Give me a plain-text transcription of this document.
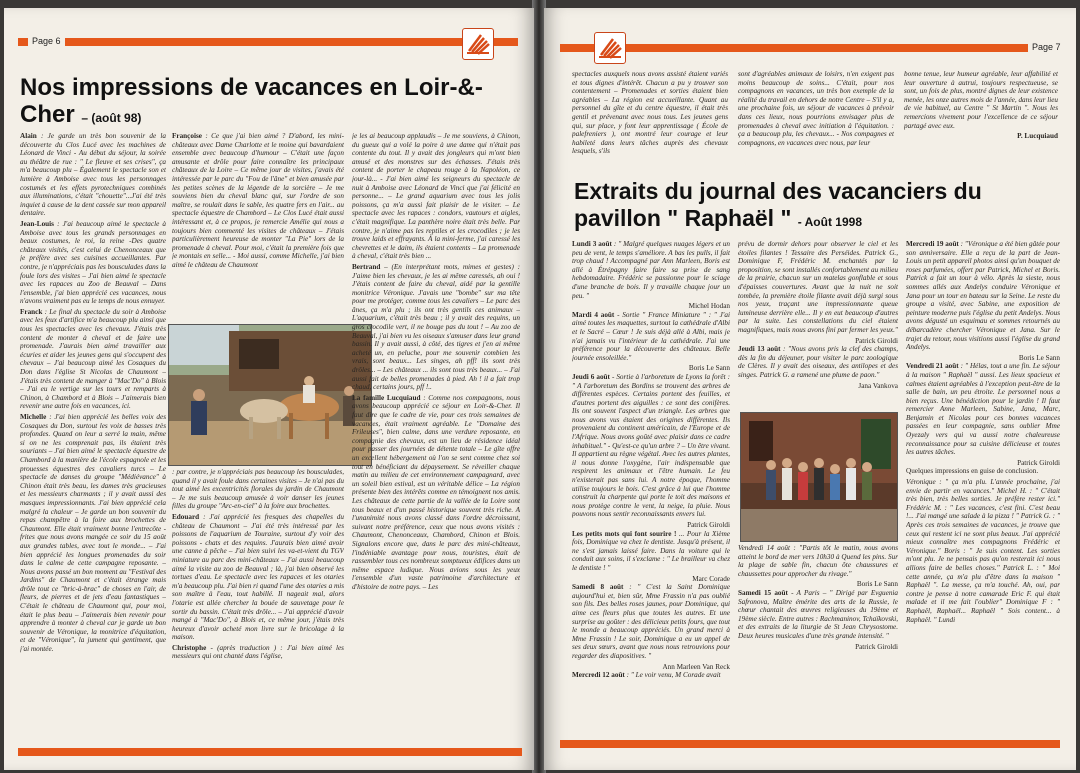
Page 6
Nos impressions de vacances en Loir-&-Cher – (août 98)

Alain : Je garde un très bon souvenir de la découverte du Clos Lucé avec les machines de Léonard de Vinci - Au début du séjour, la soirée au théâtre de rue : " Le fleuve et ses crises", ça m'a beaucoup plu – Également le spectacle son et lumière à Amboise avec tous les personnages costumés et les effets pyrotechniques combinés aux illuminations, c'était "chouette"...J'ai été très inquiet à cause de la dent cassée sur mon appareil dentaire.

Jean-Louis : J'ai beaucoup aimé le spectacle à Amboise avec tous les grands personnages en beaux costumes, le roi, la reine -Des quatre châteaux visités, c'est celui de Chenonceaux que je préfère avec ses cuisines accueillantes. Par contre, je n'appréciais pas les bousculades dans la foule lors des visites – J'ai bien aimé le spectacle avec les rapaces au Zoo de Beauval – Dans l'ensemble, j'ai bien apprécié ces vacances, nous n'avons vraiment pas eu le temps de nous ennuyer.

Franck : Le final du spectacle du soir à Amboise avec les feux d'artifice m'a beaucoup plu ainsi que tous les spectacles avec les chevaux. J'étais très content de monter à cheval et de faire une promenade. J'aurais bien aimé travailler aux écuries et aider les jeunes gens qui s'occupent des chevaux – J'ai beaucoup aimé les Cosaques du Don dans l'église St Nicolas de Chaumont – J'étais très content de manger à "Mac'Do" à Blois – J'ai eu le vertige sur les tours et remparts à Chinon, à Chambord et à Blois – J'aimerais bien revenir une autre fois en vacances, ici.

Michelle : J'ai bien apprécié les belles voix des Cosaques du Don, surtout les voix de basses très profondes. Quand on leur a serré la main, même si on ne les comprenait pas, ils étaient très souriants – J'ai bien aimé le spectacle équestre de Chambord à la manière de l'école espagnole et les prouesses équestres des cavaliers turcs – Le spectacle de danses du groupe "Médiévance" à Chinon était très beau, les dames très gracieuses et les messieurs charmants ; il y avait aussi des masques impressionnants. J'ai bien apprécié cela malgré la chaleur – Je garde un bon souvenir du repas champêtre à la foire aux brochettes de Chaumont. Elle était vraiment bonne l'entrecôte -frites que nous avons mangée ce soir du 15 août aux grandes tables, avec tout le monde... – J'ai bien apprécié les longues promenades du soir dans le calme de cette campagne reposante. – Nous avons passé un bon moment au "Festival des Jardins" de Chaumont et c'était étrange mais drôle tout ce "bric-à-brac" de choses en l'air, de fleurs, de pierres et de jets d'eau fantastiques – C'était le château de Chaumont qui, pour moi, était le plus beau – J'aimerais bien revenir pour apprendre à monter à cheval car je garde un bon souvenir de Véronique, la monitrice d'équitation, et de "Véronique", la jument qui gentiment, que j'ai montée.

Françoise : Ce que j'ai bien aimé ? D'abord, les mini-châteaux avec Dame Charlotte et le moine qui bavardaient ensemble avec beaucoup d'humour – C'était une façon amusante et drôle pour faire connaître les principaux châteaux de la Loire – Ce même jour de visites, j'avais été intéressée par le parc du "Fou de l'âne" et bien amusée par les petites scènes de la légende de la sorcière – Je me souviens bien du cheval blanc qui, sur l'ordre de son maître, se roulait dans le sable, les quatre fers en l'air... au spectacle équestre de Chambord – Le Clos Lucé était aussi intéressant et, à ce propos, je remercie Amélie qui nous a toujours bien commenté les visites de châteaux – J'étais particulièrement heureuse de monter "La Pie" lors de la promenade à cheval. Pour moi, c'était la première fois que je montais en selle... - Moi aussi, comme Michelle, j'ai bien aimé le château de Chaumont

: par contre, je n'appréciais pas beaucoup les bousculades, quand il y avait foule dans certaines visites – Je n'ai pas du tout aimé les excentricités florales du jardin de Chaumont – Je me suis beaucoup amusée à voir danser les jeunes filles du groupe "Arc-en-ciel" à la foire aux brochettes.

Edouard : J'ai apprécié les fresques des chapelles du château de Chaumont – J'ai été très intéressé par les poissons de l'aquarium de Touraine, surtout d'y voir des poissons - chats et des requins. J'aurais bien aimé avoir une canne à pêche – J'ai bien suivi les va-et-vient du TGV miniature au parc des mini-châteaux – J'ai aussi beaucoup aimé la visite au zoo de Beauval ; là, j'ai bien observé les tortues d'eau. Le spectacle avec les rapaces et les otaries m'a beaucoup plu. J'ai bien ri quand l'une des otaries a mis son maître à l'eau, tout habillé. Il nageait mal, alors l'otarie est allée chercher la bouée de sauvetage pour le sortir du bassin. C'était très drôle... – J'ai apprécié d'avoir mangé à "Mac'Do", à Blois et, ce même jour, j'étais très heureux d'avoir acheté mon livre sur le bricolage à la maison.

Christophe - (après traduction ) : J'ai bien aimé les messieurs qui ont chanté dans l'église,

je les ai beaucoup applaudis – Je me souviens, à Chinon, du gueux qui a volé la poire à une dame qui n'était pas contente du tout. Il y avait des jongleurs qui m'ont bien amusé et des monstres sur des échasses. J'étais très content de porter le chapeau rouge à la Napoléon, ce jour-là... - J'ai bien aimé les seigneurs du spectacle de nuit à Amboise avec Léonard de Vinci que j'ai félicité en personne... – Le grand aquarium avec tous les jolis poissons, ça m'a aussi fait plaisir de le visiter. – Le spectacle avec les rapaces : condors, vautours et aigles, c'était magnifique. La panthère noire était très belle. Par contre, je n'aime pas les reptiles et les crocodiles ; je les trouve laids et effrayants. À la mini-ferme, j'ai caressé les chevrettes et le daim, ils étaient contents – La promenade à cheval, c'était très bien ...

Bertrand – (En interprétant mots, mimes et gestes) : J'aime bien les chevaux, je les ai même caressés, ah oui ! J'étais content de faire du cheval, aidé par la gentille monitrice Véronique. J'avais une "bombe" sur ma tête pour me protéger, comme tous les cavaliers – Le parc des ânes, ça m'a plu ; ils ont très gentils ces animaux – L'aquarium, c'était très beau ; il y avait des requins, un gros crocodile vert, il ne bouge pas du tout ! – Au zoo de Beauval, j'ai bien vu les oiseaux s'amuser dans leur grand bassin. Il y avait aussi, à côté, des tigres et j'en ai même acheté un, en peluche, pour me souvenir combien les vrais, sont beaux... Les singes, ah pff! ils sont très drôles... – Les châteaux ... ils sont tous très beaux... – J'ai aussi fait de belles promenades à pied. Ah ! il a fait trop chaud, certains jours, pff !..

La famille Lucquiaud : Comme nos compagnons, nous avons beaucoup apprécié ce séjour en Loir-&-Cher. Il faut dire que le cadre de vie, pour ces trois semaines de vacances, était vraiment agréable. Le "Domaine des Frileuses", bien calme, dans une verdure reposante, en compagnie des chevaux, est un lieu de résidence idéal pour passer des journées de détente totale – Le gîte offre un excellent hébergement où l'on se sent comme chez soi tout en bénéficiant du dépaysement. Se réveiller chaque matin au milieu de cet environnement campagnard, avec un soleil bien estival, est un véritable délice – La région présente bien des intérêts comme en témoignent nos amis. Les châteaux de cette partie de la vallée de la Loire sont tous beaux et d'un passé historique souvent très riche. A l'unanimité nous avons classé dans l'ordre décroissant, suivant notre préférence, ceux que nous avons visités : Chaumont, Chenonceaux, Chambord, Chinon et Blois. Signalons encore que, dans le parc des mini-châteaux, l'indéniable avantage pour nous, touristes, était de rassembler tous ces nombreux somptueux édifices dans un même espace ludique. Nous avions sous les yeux l'ensemble d'un vaste patrimoine d'architecture et d'histoire de notre pays. – Les

Page 7

spectacles auxquels nous avons assisté étaient variés et tous dignes d'intérêt. Chacun a pu y trouver son contentement – Promenades et sorties étaient bien agréables – La région est accueillante. Quant au personnel du gîte et du centre équestre, il était très gentil et prévenant avec nous tous. Les jeunes gens qui, sur place, y font leur apprentissage ( École de palefreniers ), ont montré leur courage et leur habileté dans leurs tâches auprès des chevaux lesquels, s'ils

sont d'agréables animaux de loisirs, n'en exigent pas moins beaucoup de soins... C'était, pour nos compagnons en vacances, un très bon exemple de la réalité du travail en dehors de notre Centre – S'il y a, une prochaine fois, un séjour de vacances à prévoir dans ces lieux, nous pourrions envisager plus de promenades à cheval avec initiation à l'équitation. : ça a beaucoup plu, les chevaux... - Nos compagnes et compagnons, en vacances avec nous, par leur

bonne tenue, leur humeur agréable, leur affabilité et leur ouverture à autrui, toujours respectueuse, se sont, un fois de plus, montré dignes de leur existence menée, les onze autres mois de l'année, dans leur lieu de vie habituel, au Centre " St Martin ". Nous les remercions vivement pour l'excellence de ce séjour partagé avec eux.

P. Lucquiaud
Extraits du journal des vacanciers du pavillon " Raphaël " - Août 1998

Lundi 3 août : " Malgré quelques nuages légers et un peu de vent, le temps s'améliore. A bas les pulls, il fait trop chaud ! Accompagné par Ann Marleen, Boris est allé à Étrépagny faire faire sa prise de sang hebdomadaire. Frédéric se passionne pour le sciage d'une branche de bois. Il y travaille chaque jour un peu. "

Michel Hodan

Mardi 4 août - Sortie " France Miniature " : " J'ai aimé toutes les maquettes, surtout la cathédrale d'Albi et le Sacré – Cœur ! Je suis déjà allé à Albi, mais je n'ai jamais vu l'intérieur de la cathédrale. J'ai une préférence pour la découverte des châteaux. Belle journée ensoleillée."

Boris Le Sann

Jeudi 6 août - Sortie à l'arboretum de Lyons la forêt : " A l'arboretum des Bordins se trouvent des arbres de différentes espèces. Certains portent des feuilles, et d'autres portent des aiguilles : ce sont des conifères. Ils ont souvent l'aspect d'un triangle. Les arbres que nous avons vus étaient des origines différentes. Ils provenaient du continent américain, de l'Europe et de l'Afrique. Nous avons goûté avec plaisir dans ce cadre inhabituel." - Qu'est-ce qu'un arbre ? – Un être vivant. Il appartient au règne végétal. Avec les autres plantes, il nous donne l'oxygène, l'air indispensable que respirent les animaux et l'être humain. Le feu n'existerait pas sans lui. A notre époque, l'homme utilise toujours le bois. C'est grâce à lui que l'homme construit la charpente qui porte le toit des maisons et nous protège contre le vent, la neige, la pluie. Nous pouvons nous sentir reconnaissants envers lui.

Patrick Giroldi

Les petits mots qui font sourire ! ... Pour la Xième fois, Dominique va chez le dentiste. Jusqu'à présent, il ne s'est jamais laissé faire. Dans la voiture qui le conduit aux soins, il s'exclame : " Le brailleur va chez le dentiste ! "

Marc Corade

Samedi 8 août : " C'est la Saint Dominique aujourd'hui et, bien sûr, Mme Frassin n'a pas oublié son fils. Des belles roses jaunes, pour Dominique, qui aime ces fleurs plus que toutes les autres. Et une surprise au goûter : des délicieux petits fours, que tout le monde a beaucoup appréciés. Un grand merci à Mme Frassin ! Le soir, Dominique a eu un appel de ses deux sœurs, avant que nous nous retrouvions pour regarder des diapositives. "

Ann Marleen Van Reck

Mercredi 12 août : " Le voir venu, M Corade avait

prévu de dormir dehors pour observer le ciel et les étoiles filantes ! Tessaire des Perséides. Patrick G., Dominique F, Frédéric M. enchantés par la proposition, se sont installés confortablement au milieu de la prairie, chacun sur un matelas gonflable et sous d'épaisses couvertures. Avant que la nuit ne soit tombée, la première étoile filante avait déjà surgi sous nos yeux, traçant une impressionnante queue lumineuse derrière elle... Il y en eut beaucoup d'autres par la suite. Les constellations du ciel étaient magnifiques, mais nous avons fini par fermer les yeux."

Patrick Giroldi

Jeudi 13 août : "Nous avons pris la clef des champs, dès la fin du déjeuner, pour visiter le parc zoologique de Clères. Il y avait des oiseaux, des antilopes et des singes. Patrick G. a ramené une plume de paon."

Jana Vankova

Vendredi 14 août : "Partis tôt le matin, nous avons atteint le bord de mer vers 10h30 à Quend les pins. Sur la plage de sable fin, chacun ôte chaussures et chaussettes pour approcher du rivage."

Boris Le Sann

Samedi 15 août - A Paris – " Dirigé par Evguenia Safronova, Maître émérite des arts de la Russie, le chœur chantait des œuvres religieuses du 19ème et 19ème siècle. Entre autres : Rachmaninov, Tchaïkovski, et des extraits de la liturgie de St Jean Chrysostome. Deux heures musicales d'une très grande intensité. "

Patrick Giroldi

Mercredi 19 août : "Véronique a été bien gâtée pour son anniversaire. Elle a reçu de la part de Jean-Louis un petit appareil photos ainsi qu'un bouquet de roses parfumées, offert par Patrick, Michel et Boris. Patrick a fait un tour à vélo. Après la sieste, nous sommes allés aux Andelys conduire Véronique et Jana pour un tour en bateau sur la Seine. Le reste du groupe a visité, avec Sabine, une exposition de peinture moderne puis l'église du petit Andelys. Nous avons dégusté un esquimau et sommes retournés au débarcadère chercher Véronique et Jana. Sur le trajet du retour, nous visitions aussi l'église du grand Andelys.

Boris Le Sann

Vendredi 21 août : " Hélas, tout a une fin. Le séjour à la maison " Raphaël " aussi. Les lieux spacieux et calmes étaient agréables à l'exception peut-être de la salle de bain, un peu étroite. Le personnel nous a bien reçus. Une bénédiction pour le jardin ! Il faut remercier Anne Marleen, Sabine, Jana, Marc, Benjamin et Nicolas pour ces bonnes vacances passées en leur compagnie, sans oublier Mme Oyezaly vers qui va aussi notre chaleureuse reconnaissance pour sa cuisine délicieuse et toutes les autres tâches.

Patrick Giroldi

Quelques impressions en guise de conclusion.

Véronique : " ça m'a plu. L'année prochaine, j'ai envie de partir en vacances." Michel H. : " C'était très bien, très belles sorties. Je préfère rester ici." Frédéric M. : " Les vacances, c'est fini. C'est beau !... J'ai mangé une salade à la pizza ! " Patrick G. : " Après ces trois semaines de vacances, je trouve que ceux qui restent ici ne sont plus beaux. J'ai apprécié mieux connaître mes compagnons Frédéric et Véronique." Boris : " Je suis content. Les sorties m'ont plu. Je ne pensais pas qu'on resterait ici nous allions faire de belles choses." Patrick L. : " Moi cette année, ça m'a plu d'être dans la maison " Raphaël ". La messe, ça m'a touché. Ah, oui, par contre je pense à notre camarade Eric F. qui était malade et il me fait l'oublier" Dominique F : " Raphaël, Raphaël... Raphaël " Sois content... à Raphaël. " Lundi
